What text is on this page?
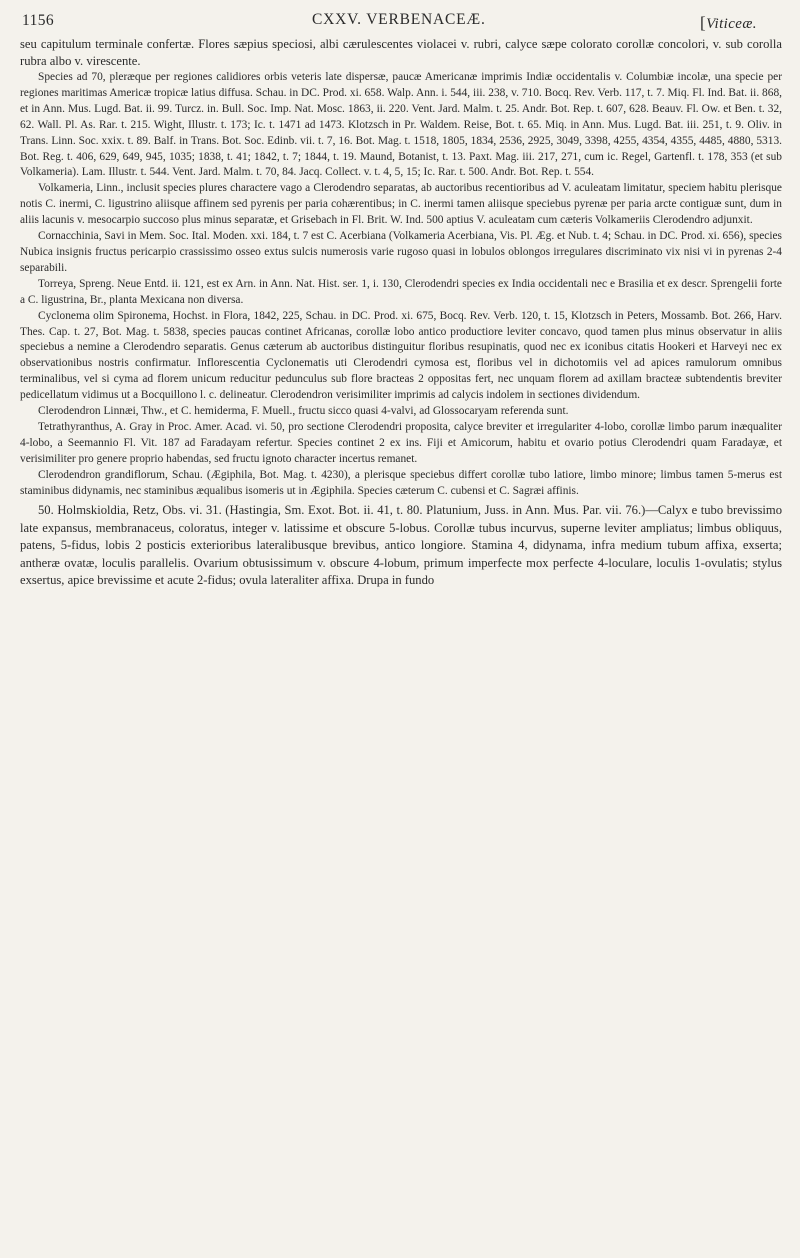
1156	CXXV. VERBENACEÆ.	[Viticeæ.

seu capitulum terminale confertæ. Flores sæpius speciosi, albi cærulescentes violacei v. rubri, calyce sæpe colorato corollæ concolori, v. sub corolla rubra albo v. virescente.

Species ad 70, pleræque per regiones calidiores orbis veteris late dispersæ, paucæ Americanæ imprimis Indiæ occidentalis v. Columbiæ incolæ, una specie per regiones maritimas Americæ tropicæ latius diffusa. Schau. in DC. Prod. xi. 658. Walp. Ann. i. 544, iii. 238, v. 710. Bocq. Rev. Verb. 117, t. 7. Miq. Fl. Ind. Bat. ii. 868, et in Ann. Mus. Lugd. Bat. ii. 99. Turcz. in. Bull. Soc. Imp. Nat. Mosc. 1863, ii. 220. Vent. Jard. Malm. t. 25. Andr. Bot. Rep. t. 607, 628. Beauv. Fl. Ow. et Ben. t. 32, 62. Wall. Pl. As. Rar. t. 215. Wight, Illustr. t. 173; Ic. t. 1471 ad 1473. Klotzsch in Pr. Waldem. Reise, Bot. t. 65. Miq. in Ann. Mus. Lugd. Bat. iii. 251, t. 9. Oliv. in Trans. Linn. Soc. xxix. t. 89. Balf. in Trans. Bot. Soc. Edinb. vii. t. 7, 16. Bot. Mag. t. 1518, 1805, 1834, 2536, 2925, 3049, 3398, 4255, 4354, 4355, 4485, 4880, 5313. Bot. Reg. t. 406, 629, 649, 945, 1035; 1838, t. 41; 1842, t. 7; 1844, t. 19. Maund, Botanist, t. 13. Paxt. Mag. iii. 217, 271, cum ic. Regel, Gartenfl. t. 178, 353 (et sub Volkameria). Lam. Illustr. t. 544. Vent. Jard. Malm. t. 70, 84. Jacq. Collect. v. t. 4, 5, 15; Ic. Rar. t. 500. Andr. Bot. Rep. t. 554.

Volkameria, Linn., inclusit species plures charactere vago a Clerodendro separatas, ab auctoribus recentioribus ad V. aculeatam limitatur, speciem habitu plerisque notis C. inermi, C. ligustrino aliisque affinem sed pyrenis per paria cohærentibus; in C. inermi tamen aliisque speciebus pyrenæ per paria arcte contiguæ sunt, dum in aliis lacunis v. mesocarpio succoso plus minus separatæ, et Grisebach in Fl. Brit. W. Ind. 500 aptius V. aculeatam cum cæteris Volkameriis Clerodendro adjunxit.

Cornacchinia, Savi in Mem. Soc. Ital. Moden. xxi. 184, t. 7 est C. Acerbiana (Volkameria Acerbiana, Vis. Pl. Æg. et Nub. t. 4; Schau. in DC. Prod. xi. 656), species Nubica insignis fructus pericarpio crassissimo osseo extus sulcis numerosis varie rugoso quasi in lobulos oblongos irregulares discriminato vix nisi vi in pyrenas 2-4 separabili.

Torreya, Spreng. Neue Entd. ii. 121, est ex Arn. in Ann. Nat. Hist. ser. 1, i. 130, Clerodendri species ex India occidentali nec e Brasilia et ex descr. Sprengelii forte a C. ligustrina, Br., planta Mexicana non diversa.

Cyclonema olim Spironema, Hochst. in Flora, 1842, 225, Schau. in DC. Prod. xi. 675, Bocq. Rev. Verb. 120, t. 15, Klotzsch in Peters, Mossamb. Bot. 266, Harv. Thes. Cap. t. 27, Bot. Mag. t. 5838, species paucas continet Africanas, corollæ lobo antico productiore leviter concavo, quod tamen plus minus observatur in aliis speciebus a nemine a Clerodendro separatis. Genus cæterum ab auctoribus distinguitur floribus resupinatis, quod nec ex iconibus citatis Hookeri et Harveyi nec ex observationibus nostris confirmatur. Inflorescentia Cyclonematis uti Clerodendri cymosa est, floribus vel in dichotomiis vel ad apices ramulorum omnibus terminalibus, vel si cyma ad florem unicum reducitur pedunculus sub flore bracteas 2 oppositas fert, nec unquam florem ad axillam bracteæ subtendentis breviter pedicellatum vidimus ut a Bocquillono l. c. delineatur. Clerodendron verisimiliter imprimis ad calycis indolem in sectiones dividendum.

Clerodendron Linnæi, Thw., et C. hemiderma, F. Muell., fructu sicco quasi 4-valvi, ad Glossocaryam referenda sunt.

Tetrathyranthus, A. Gray in Proc. Amer. Acad. vi. 50, pro sectione Clerodendri proposita, calyce breviter et irregulariter 4-lobo, corollæ limbo parum inæqualiter 4-lobo, a Seemannio Fl. Vit. 187 ad Faradayam refertur. Species continet 2 ex ins. Fiji et Amicorum, habitu et ovario potius Clerodendri quam Faradayæ, et verisimiliter pro genere proprio habendas, sed fructu ignoto character incertus remanet.

Clerodendron grandiflorum, Schau. (Ægiphila, Bot. Mag. t. 4230), a plerisque speciebus differt corollæ tubo latiore, limbo minore; limbus tamen 5-merus est staminibus didynamis, nec staminibus æqualibus isomeris ut in Ægiphila. Species cæterum C. cubensi et C. Sagræi affinis.

50. Holmskioldia, Retz, Obs. vi. 31. (Hastingia, Sm. Exot. Bot. ii. 41, t. 80. Platunium, Juss. in Ann. Mus. Par. vii. 76.)—Calyx e tubo brevissimo late expansus, membranaceus, coloratus, integer v. latissime et obscure 5-lobus. Corollæ tubus incurvus, superne leviter ampliatus; limbus obliquus, patens, 5-fidus, lobis 2 posticis exterioribus lateralibusque brevibus, antico longiore. Stamina 4, didynama, infra medium tubum affixa, exserta; antheræ ovatæ, loculis parallelis. Ovarium obtusissimum v. obscure 4-lobum, primum imperfecte mox perfecte 4-loculare, loculis 1-ovulatis; stylus exsertus, apice brevissime et acute 2-fidus; ovula lateraliter affixa. Drupa in fundo
